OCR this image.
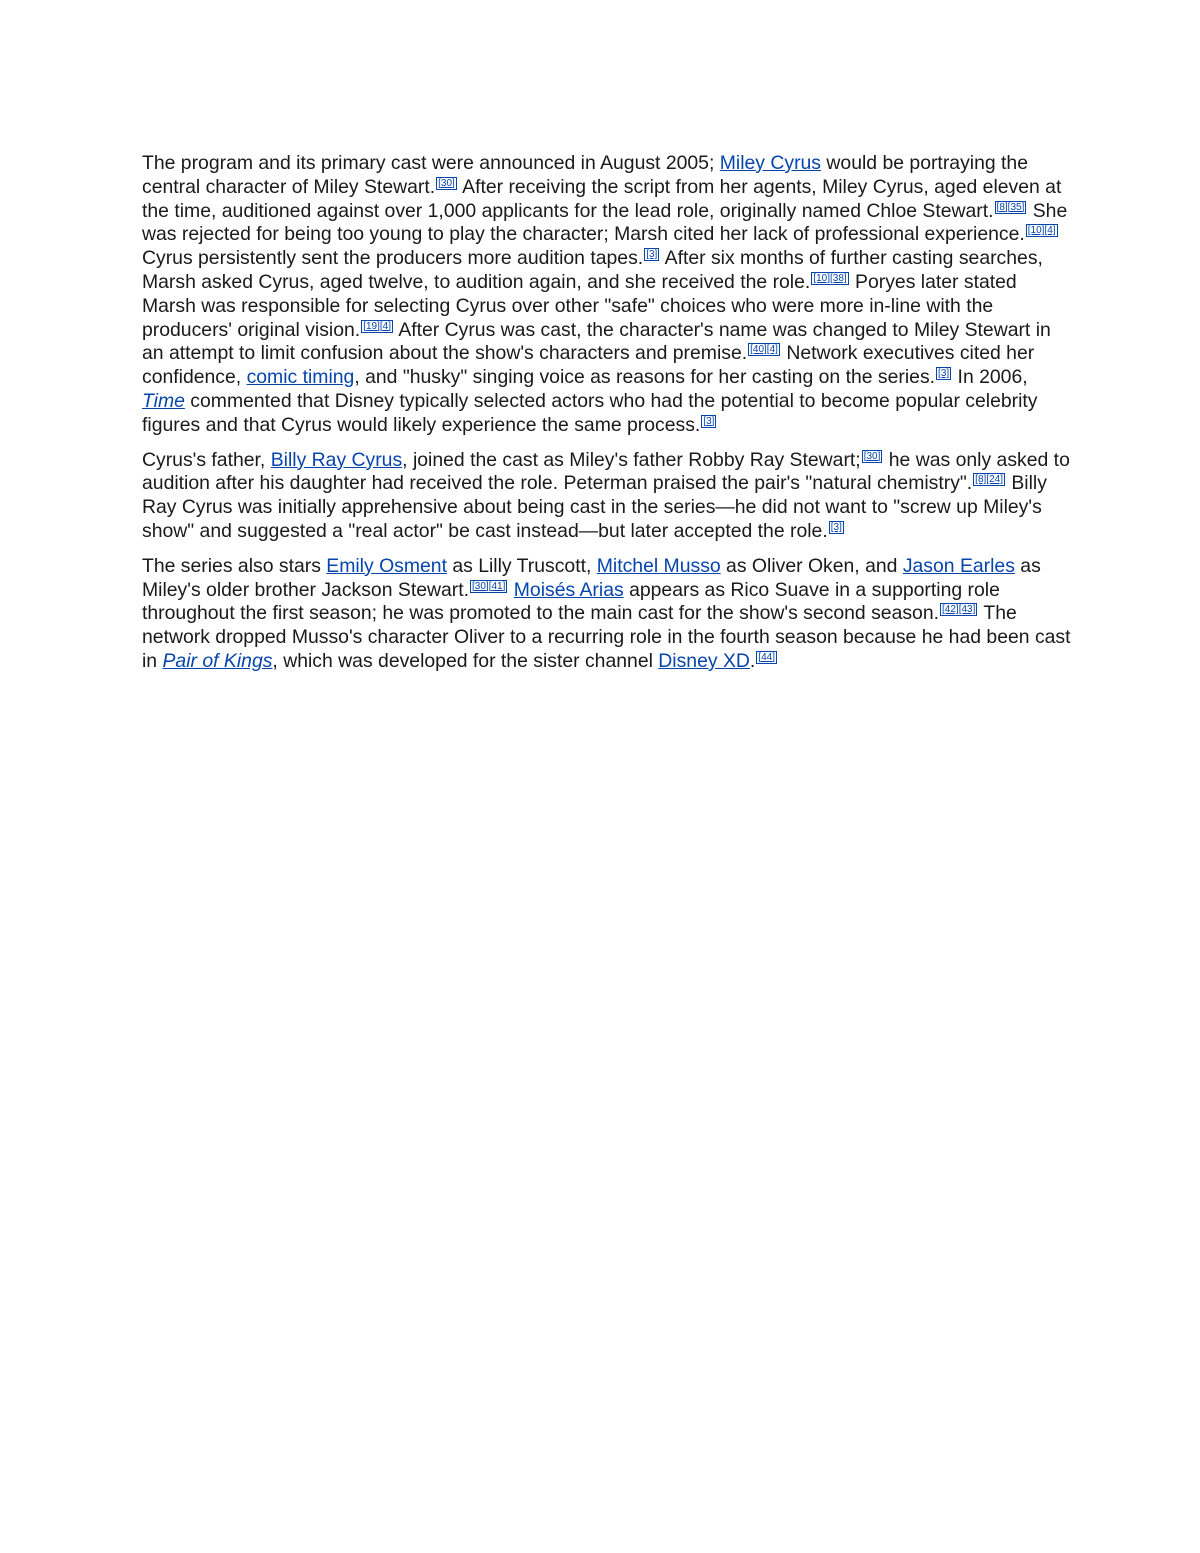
The program and its primary cast were announced in August 2005; Miley Cyrus would be portraying the central character of Miley Stewart. [30] After receiving the script from her agents, Miley Cyrus, aged eleven at the time, auditioned against over 1,000 applicants for the lead role, originally named Chloe Stewart. [8][35] She was rejected for being too young to play the character; Marsh cited her lack of professional experience. [10][4] Cyrus persistently sent the producers more audition tapes. [3] After six months of further casting searches, Marsh asked Cyrus, aged twelve, to audition again, and she received the role. [10][38] Poryes later stated Marsh was responsible for selecting Cyrus over other "safe" choices who were more in-line with the producers' original vision. [19][4] After Cyrus was cast, the character's name was changed to Miley Stewart in an attempt to limit confusion about the show's characters and premise. [40][4] Network executives cited her confidence, comic timing, and "husky" singing voice as reasons for her casting on the series. [3] In 2006, Time commented that Disney typically selected actors who had the potential to become popular celebrity figures and that Cyrus would likely experience the same process. [3]

Cyrus's father, Billy Ray Cyrus, joined the cast as Miley's father Robby Ray Stewart; [30] he was only asked to audition after his daughter had received the role. Peterman praised the pair's "natural chemistry". [8][24] Billy Ray Cyrus was initially apprehensive about being cast in the series—he did not want to "screw up Miley's show" and suggested a "real actor" be cast instead—but later accepted the role. [3]

The series also stars Emily Osment as Lilly Truscott, Mitchel Musso as Oliver Oken, and Jason Earles as Miley's older brother Jackson Stewart. [30][41] Moisés Arias appears as Rico Suave in a supporting role throughout the first season; he was promoted to the main cast for the show's second season. [42][43] The network dropped Musso's character Oliver to a recurring role in the fourth season because he had been cast in Pair of Kings, which was developed for the sister channel Disney XD. [44]
